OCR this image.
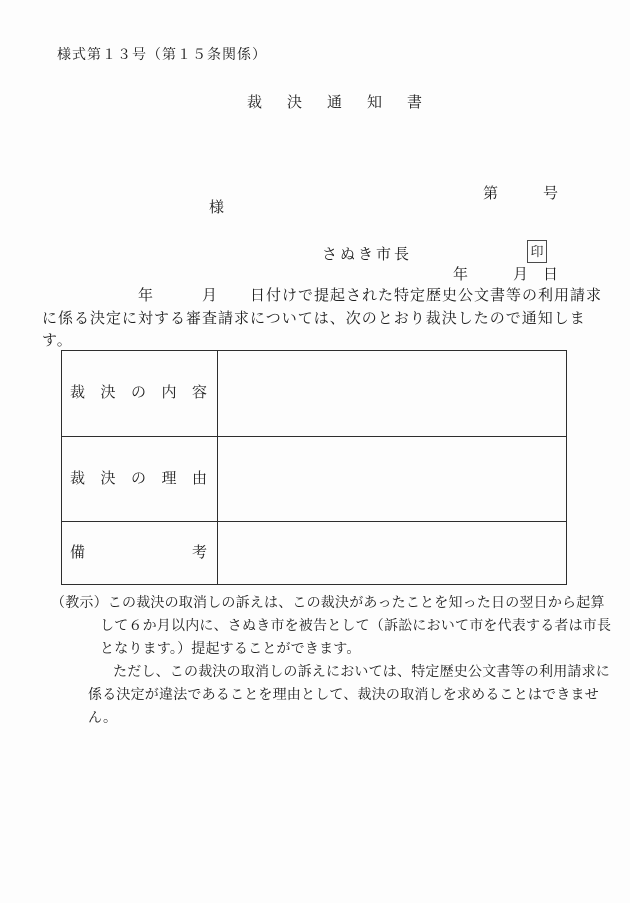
様式第１３号（第１５条関係）
裁決通知書

第　　　号

年　　　月　日

様
さぬき市長	印
　　　　　　年　　　月　　日付けで提起された特定歴史公文書等の利用請求
に係る決定に対する審査請求については、次のとおり裁決したので通知しま
す。
裁 決 の 内 容	

裁 決 の 理 由	

備 考	

（教示）この裁決の取消しの訴えは、この裁決があったことを知った日の翌日から起算
して６か月以内に、さぬき市を被告として（訴訟において市を代表する者は市長
となります。）提起することができます。
ただし、この裁決の取消しの訴えにおいては、特定歴史公文書等の利用請求に
係る決定が違法であることを理由として、裁決の取消しを求めることはできませ
ん。
